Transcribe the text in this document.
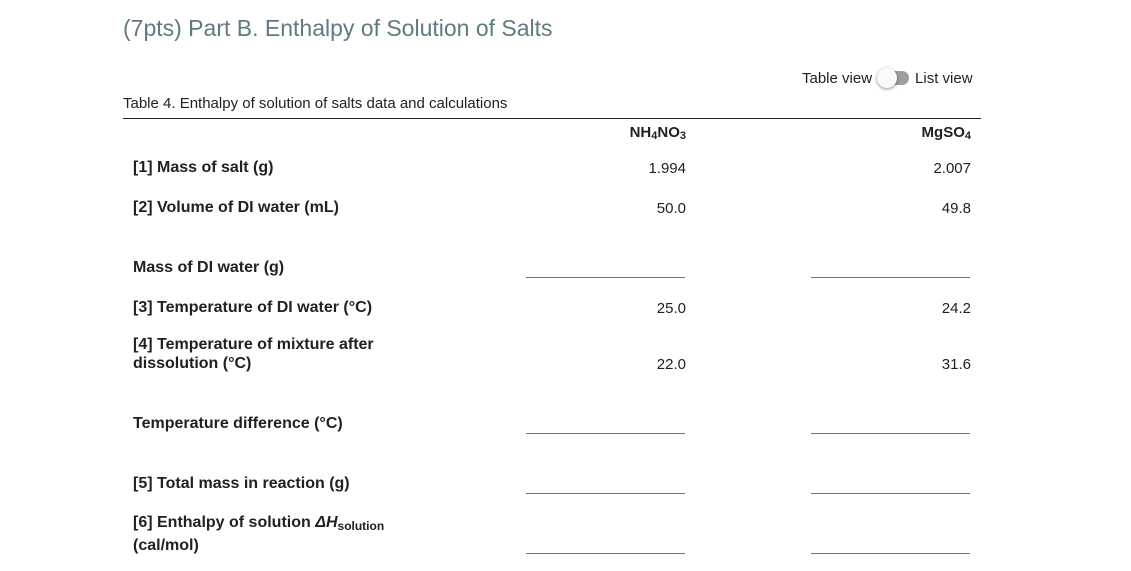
(7pts) Part B. Enthalpy of Solution of Salts
Table view	List view
Table 4. Enthalpy of solution of salts data and calculations
$NH_4NO_3$	MgSO$_4$
[1] Mass of salt (g)	1.994	2.007
[2] Volume of DI water (mL)	50.0	49.8
Mass of DI water (g)
[3] Temperature of DI water (°C)	25.0	24.2
[4] Temperature of mixture after
dissolution (°C)	22.0	31.6
Temperature difference (°C)
[5] Total mass in reaction (g)
[6] Enthalpy of solution $\Delta H_{solution}$
(cal/mol)
